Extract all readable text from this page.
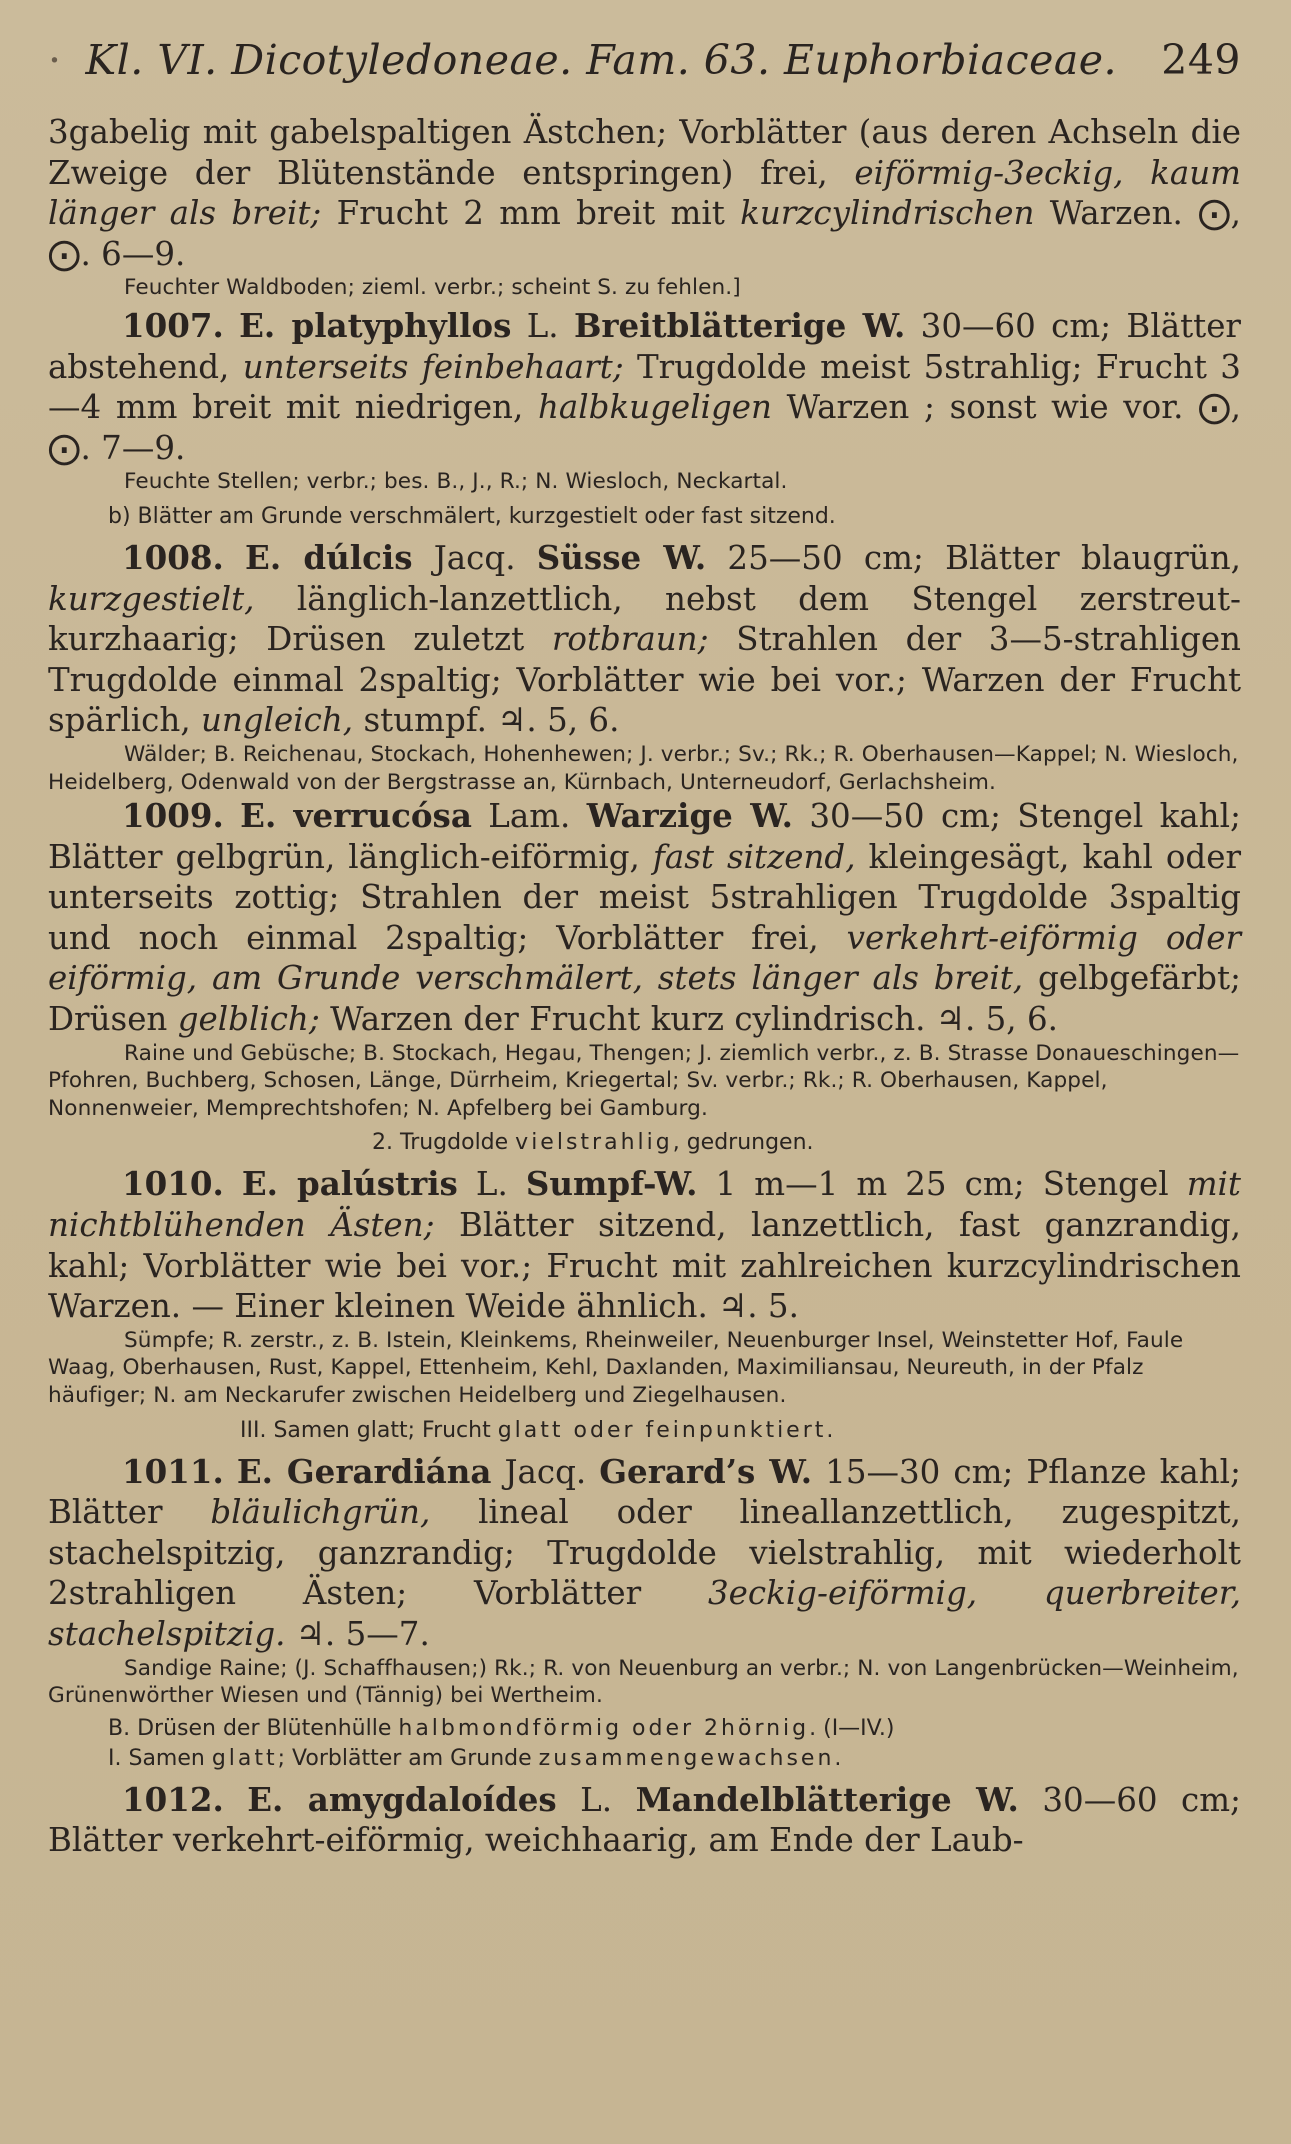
· Kl. VI. Dicotyledoneae. Fam. 63. Euphorbiaceae. 249

3gabelig mit gabelspaltigen Ästchen; Vorblätter (aus deren Achseln die Zweige der Blütenstände entspringen) frei, eiförmig-3eckig, kaum länger als breit; Frucht 2 mm breit mit kurzcylindrischen Warzen. ⨀, ⨀. 6—9.

Feuchter Waldboden; zieml. verbr.; scheint S. zu fehlen.]

1007. E. platyphyllos L. Breitblätterige W. 30—60 cm; Blätter abstehend, unterseits feinbehaart; Trugdolde meist 5strahlig; Frucht 3—4 mm breit mit niedrigen, halbkugeligen Warzen ; sonst wie vor. ⨀, ⨀. 7—9.

Feuchte Stellen; verbr.; bes. B., J., R.; N. Wiesloch, Neckartal.

b) Blätter am Grunde verschmälert, kurzgestielt oder fast sitzend.

1008. E. dúlcis Jacq. Süsse W. 25—50 cm; Blätter blaugrün, kurzgestielt, länglich-lanzettlich, nebst dem Stengel zerstreut-kurzhaarig; Drüsen zuletzt rotbraun; Strahlen der 3—5-strahligen Trugdolde einmal 2spaltig; Vorblätter wie bei vor.; Warzen der Frucht spärlich, ungleich, stumpf. ♃. 5, 6.

Wälder; B. Reichenau, Stockach, Hohenhewen; J. verbr.; Sv.; Rk.; R. Oberhausen—Kappel; N. Wiesloch, Heidelberg, Odenwald von der Bergstrasse an, Kürnbach, Unterneudorf, Gerlachsheim.

1009. E. verrucósa Lam. Warzige W. 30—50 cm; Stengel kahl; Blätter gelbgrün, länglich-eiförmig, fast sitzend, kleingesägt, kahl oder unterseits zottig; Strahlen der meist 5strahligen Trugdolde 3spaltig und noch einmal 2spaltig; Vorblätter frei, verkehrt-eiförmig oder eiförmig, am Grunde verschmälert, stets länger als breit, gelbgefärbt; Drüsen gelblich; Warzen der Frucht kurz cylindrisch. ♃. 5, 6.

Raine und Gebüsche; B. Stockach, Hegau, Thengen; J. ziemlich verbr., z. B. Strasse Donaueschingen—Pfohren, Buchberg, Schosen, Länge, Dürrheim, Kriegertal; Sv. verbr.; Rk.; R. Oberhausen, Kappel, Nonnenweier, Memprechtshofen; N. Apfelberg bei Gamburg.

2. Trugdolde vielstrahlig, gedrungen.

1010. E. palústris L. Sumpf-W. 1 m—1 m 25 cm; Stengel mit nichtblühenden Ästen; Blätter sitzend, lanzettlich, fast ganzrandig, kahl; Vorblätter wie bei vor.; Frucht mit zahlreichen kurzcylindrischen Warzen. — Einer kleinen Weide ähnlich. ♃. 5.

Sümpfe; R. zerstr., z. B. Istein, Kleinkems, Rheinweiler, Neuenburger Insel, Weinstetter Hof, Faule Waag, Oberhausen, Rust, Kappel, Ettenheim, Kehl, Daxlanden, Maximiliansau, Neureuth, in der Pfalz häufiger; N. am Neckarufer zwischen Heidelberg und Ziegelhausen.

III. Samen glatt; Frucht glatt oder feinpunktiert.

1011. E. Gerardiána Jacq. Gerard’s W. 15—30 cm; Pflanze kahl; Blätter bläulichgrün, lineal oder lineallanzettlich, zugespitzt, stachelspitzig, ganzrandig; Trugdolde vielstrahlig, mit wiederholt 2strahligen Ästen; Vorblätter 3eckig-eiförmig, querbreiter, stachelspitzig. ♃. 5—7.

Sandige Raine; (J. Schaffhausen;) Rk.; R. von Neuenburg an verbr.; N. von Langenbrücken—Weinheim, Grünenwörther Wiesen und (Tännig) bei Wertheim.

B. Drüsen der Blütenhülle halbmondförmig oder 2hörnig. (I—IV.)

I. Samen glatt; Vorblätter am Grunde zusammengewachsen.

1012. E. amygdaloídes L. Mandelblätterige W. 30—60 cm; Blätter verkehrt-eiförmig, weichhaarig, am Ende der Laub-
